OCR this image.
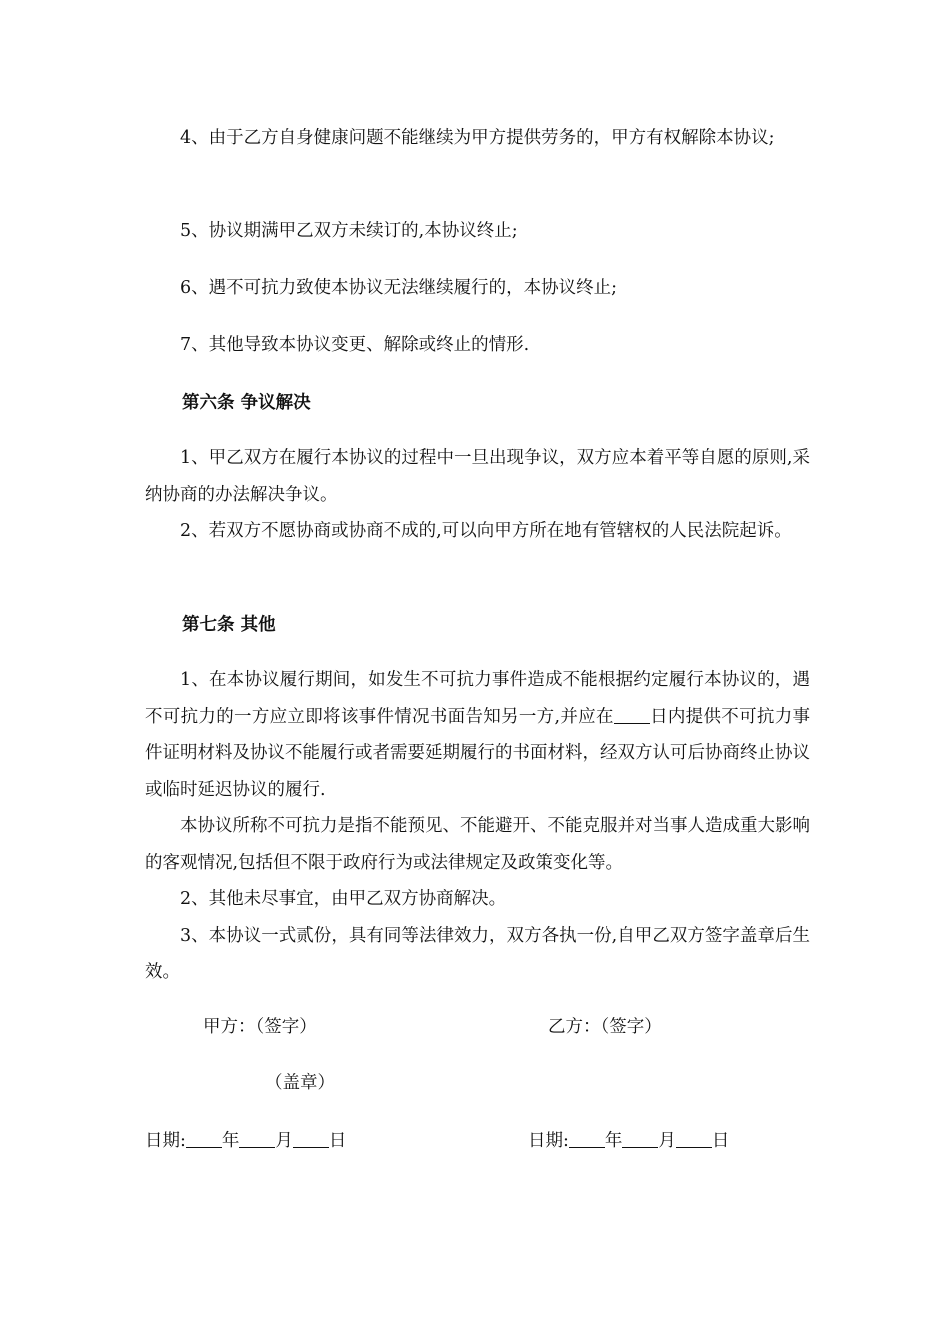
4、由于乙方自身健康问题不能继续为甲方提供劳务的，甲方有权解除本协议;

5、协议期满甲乙双方未续订的,本协议终止;

6、遇不可抗力致使本协议无法继续履行的，本协议终止;

7、其他导致本协议变更、解除或终止的情形.

第六条 争议解决

1、甲乙双方在履行本协议的过程中一旦出现争议，双方应本着平等自愿的原则,采纳协商的办法解决争议。

2、若双方不愿协商或协商不成的,可以向甲方所在地有管辖权的人民法院起诉。

第七条 其他

1、在本协议履行期间，如发生不可抗力事件造成不能根据约定履行本协议的，遇不可抗力的一方应立即将该事件情况书面告知另一方,并应在 日内提供不可抗力事件证明材料及协议不能履行或者需要延期履行的书面材料，经双方认可后协商终止协议或临时延迟协议的履行.

本协议所称不可抗力是指不能预见、不能避开、不能克服并对当事人造成重大影响的客观情况,包括但不限于政府行为或法律规定及政策变化等。

2、其他未尽事宜，由甲乙双方协商解决。

3、本协议一式贰份，具有同等法律效力，双方各执一份,自甲乙双方签字盖章后生效。

甲方：（签字）	乙方：（签字）
（盖章）
日期: 年 月 日	日期: 年 月 日
